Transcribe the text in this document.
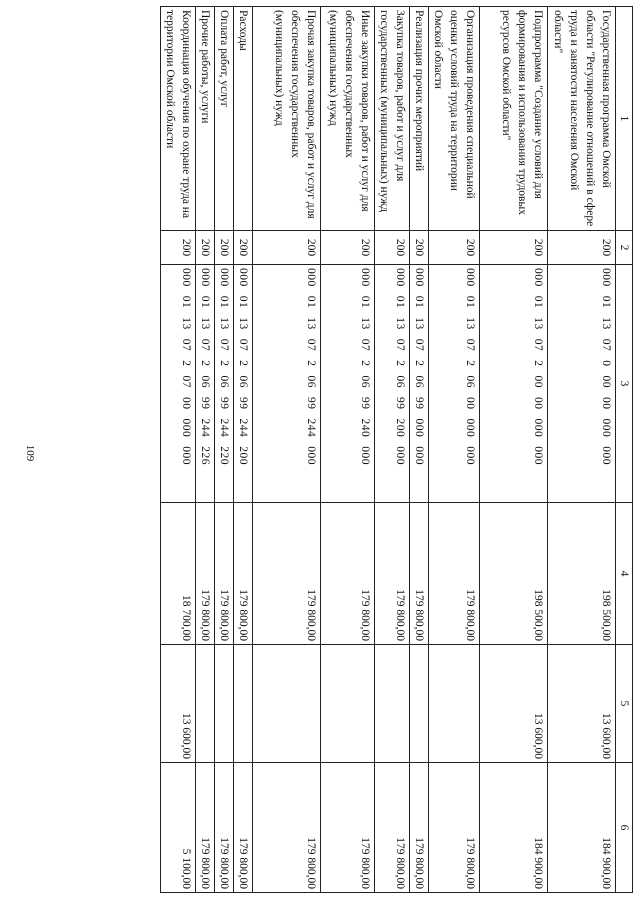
109
1	2	3	4	5	6
Государственная программа Омской области "Регулирование отношений в сфере труда и занятости населения Омской области"	200	00001130700000000000	198 500,00	13 600,00	184 900,00
Подпрограмма "Создание условий для формирования и использования трудовых ресурсов Омской области"	200	00001130720000000000	198 500,00	13 600,00	184 900,00
Организация проведения специальной оценки условий труда на территории Омской области	200	00001130720600000000	179 800,00		179 800,00
Реализация прочих мероприятий	200	00001130720699000000	179 800,00		179 800,00
Закупка товаров, работ и услуг для государственных (муниципальных) нужд	200	00001130720699200000	179 800,00		179 800,00
Иные закупки товаров, работ и услуг для обеспечения государственных (муниципальных) нужд	200	00001130720699240000	179 800,00		179 800,00
Прочая закупка товаров, работ и услуг для обеспечения государственных (муниципальных) нужд	200	00001130720699244000	179 800,00		179 800,00
Расходы	200	00001130720699244200	179 800,00		179 800,00
Оплата работ, услуг	200	00001130720699244220	179 800,00		179 800,00
Прочие работы, услуги	200	00001130720699244226	179 800,00		179 800,00
Координация обучения по охране труда на территории Омской области	200	00001130720700000000	18 700,00	13 600,00	5 100,00
